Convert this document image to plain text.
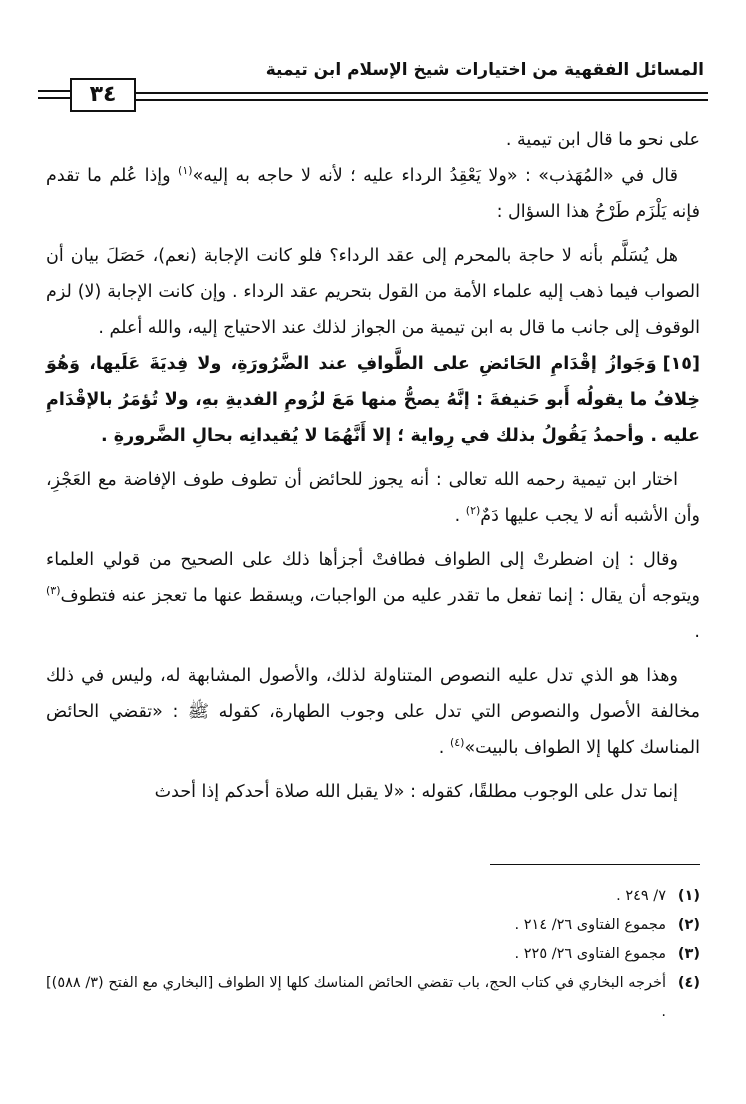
٣٤
المسائل الفقهية من اختيارات شيخ الإسلام ابن تيمية

على نحو ما قال ابن تيمية .

قال في «المُهَذب» : «ولا يَعْقِدُ الرداء عليه ؛ لأنه لا حاجه به إليه»$^{(١)}$ وإذا عُلم ما تقدم فإنه يَلْزَم طَرْحُ هذا السؤال :

هل يُسَلَّم بأنه لا حاجة بالمحرم إلى عقد الرداء؟ فلو كانت الإجابة (نعم)، حَصَلَ بيان أن الصواب فيما ذهب إليه علماء الأمة من القول بتحريم عقد الرداء . وإن كانت الإجابة (لا) لزم الوقوف إلى جانب ما قال به ابن تيمية من الجواز لذلك عند الاحتياج إليه، والله أعلم .

[١٥]وَجَوازُ إقْدَامِ الحَائضِ على الطَّوافِ عند الضَّرُورَةِ، ولا فِديَةَ عَلَيها، وَهُوَ خِلافُ ما يقولُه أَبو حَنيفةَ : إنَّهُ يصحُّ منها مَعَ لزُومِ الفديةِ بهِ، ولا تُؤمَرُ بالإقْدَامِ عليه . وأحمدُ يَقُولُ بذلك في رِواية ؛ إلا أَنَّهُمَا لا يُقيدانِه بحالِ الضَّرورةِ .

اختار ابن تيمية رحمه الله تعالى : أنه يجوز للحائض أن تطوف طوف الإفاضة مع العَجْزِ، وأن الأشبه أنه لا يجب عليها دَمٌ$^{(٢)}$ .

وقال : إن اضطرتْ إلى الطواف فطافتْ أجزأها ذلك على الصحيح من قولي العلماء ويتوجه أن يقال : إنما تفعل ما تقدر عليه من الواجبات، ويسقط عنها ما تعجز عنه فتطوف$^{(٣)}$ .

وهذا هو الذي تدل عليه النصوص المتناولة لذلك، والأصول المشابهة له، وليس في ذلك مخالفة الأصول والنصوص التي تدل على وجوب الطهارة، كقوله ﷺ : «تقضي الحائض المناسك كلها إلا الطواف بالبيت»$^{(٤)}$ .

إنما تدل على الوجوب مطلقًا، كقوله : «لا يقبل الله صلاة أحدكم إذا أحدث

(١)
٧/ ٢٤٩ .
(٢)
مجموع الفتاوى ٢٦/ ٢١٤ .
(٣)
مجموع الفتاوى ٢٦/ ٢٢٥ .
(٤)
أخرجه البخاري في كتاب الحج، باب تقضي الحائض المناسك كلها إلا الطواف [البخاري مع الفتح (٣/ ٥٨٨)] .
